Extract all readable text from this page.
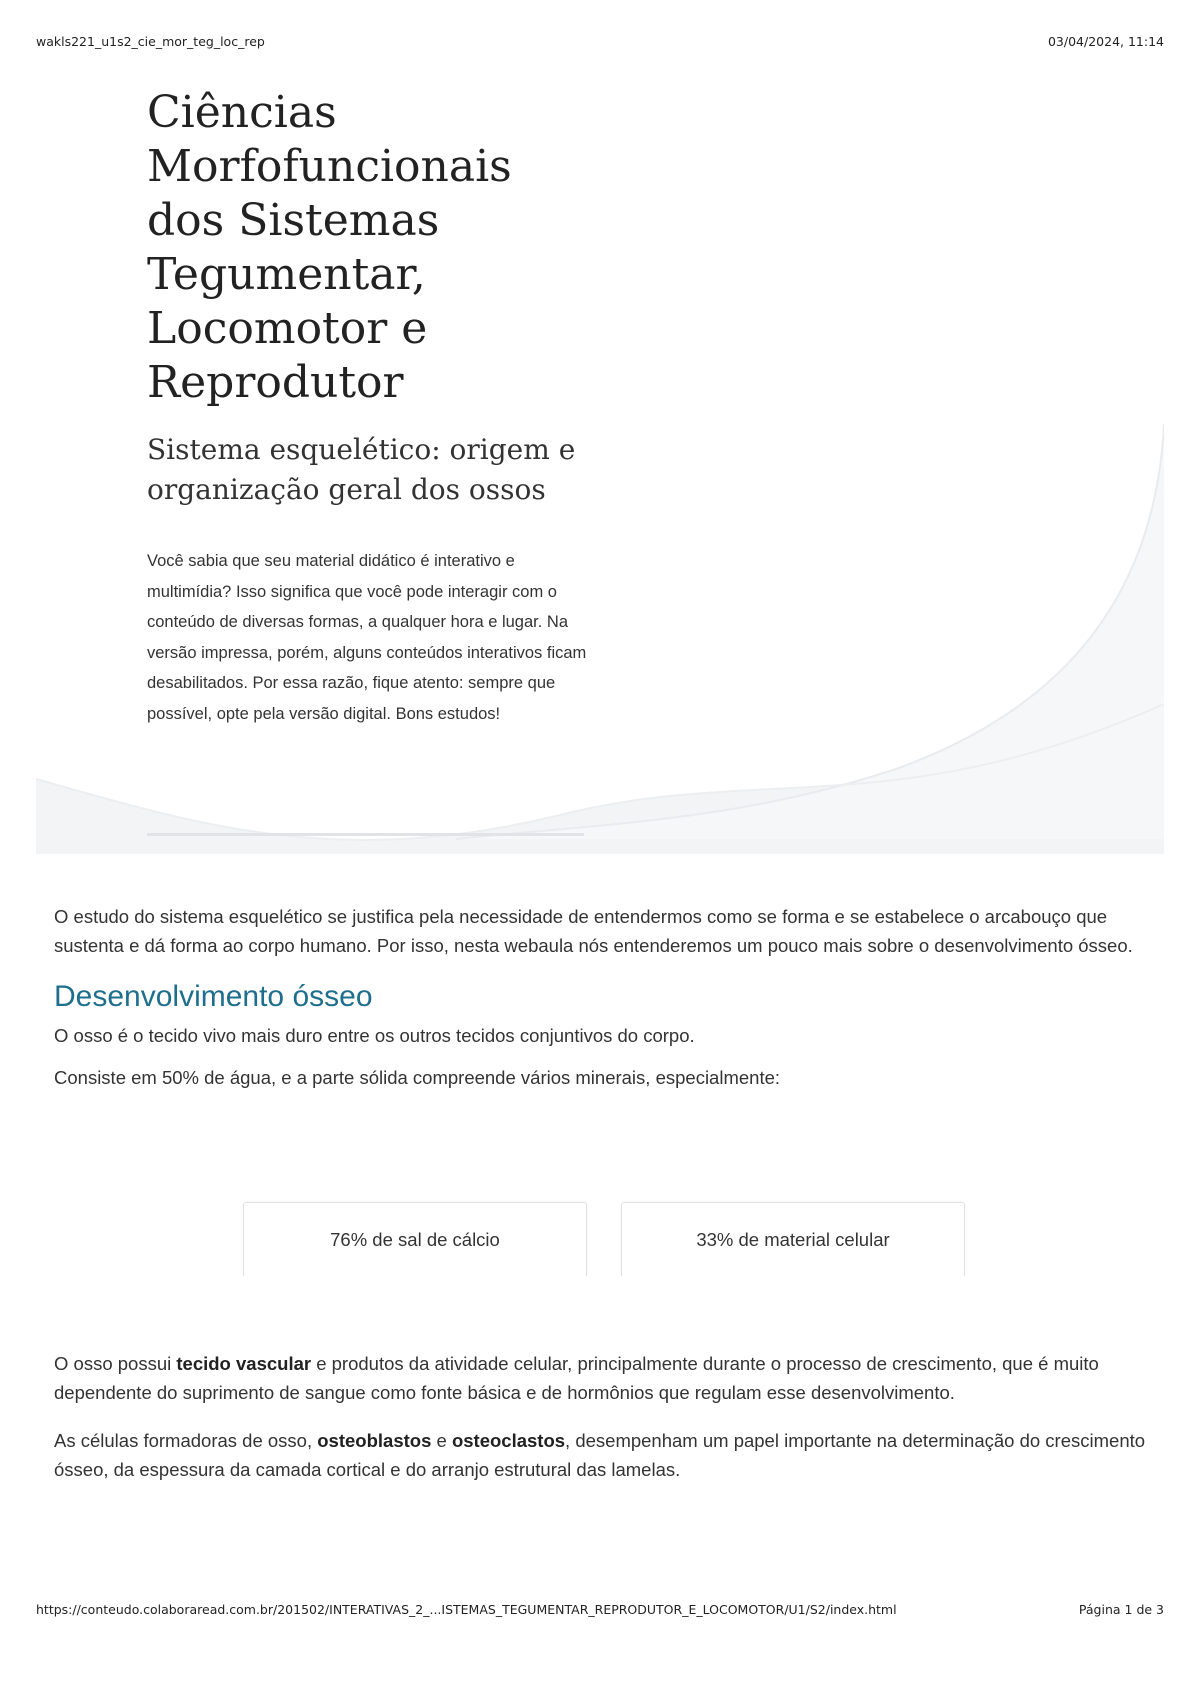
wakls221_u1s2_cie_mor_teg_loc_rep	03/04/2024, 11:14
Ciências Morfofuncionais dos Sistemas Tegumentar, Locomotor e Reprodutor
Sistema esquelético: origem e organização geral dos ossos

Você sabia que seu material didático é interativo e multimídia? Isso significa que você pode interagir com o conteúdo de diversas formas, a qualquer hora e lugar. Na versão impressa, porém, alguns conteúdos interativos ficam desabilitados. Por essa razão, fique atento: sempre que possível, opte pela versão digital. Bons estudos!

O estudo do sistema esquelético se justifica pela necessidade de entendermos como se forma e se estabelece o arcabouço que sustenta e dá forma ao corpo humano. Por isso, nesta webaula nós entenderemos um pouco mais sobre o desenvolvimento ósseo.

Desenvolvimento ósseo

O osso é o tecido vivo mais duro entre os outros tecidos conjuntivos do corpo.

Consiste em 50% de água, e a parte sólida compreende vários minerais, especialmente:

76% de sal de cálcio	33% de material celular

O osso possui tecido vascular e produtos da atividade celular, principalmente durante o processo de crescimento, que é muito dependente do suprimento de sangue como fonte básica e de hormônios que regulam esse desenvolvimento.

As células formadoras de osso, osteoblastos e osteoclastos, desempenham um papel importante na determinação do crescimento ósseo, da espessura da camada cortical e do arranjo estrutural das lamelas.

https://conteudo.colaboraread.com.br/201502/INTERATIVAS_2_...ISTEMAS_TEGUMENTAR_REPRODUTOR_E_LOCOMOTOR/U1/S2/index.html	Página 1 de 3
